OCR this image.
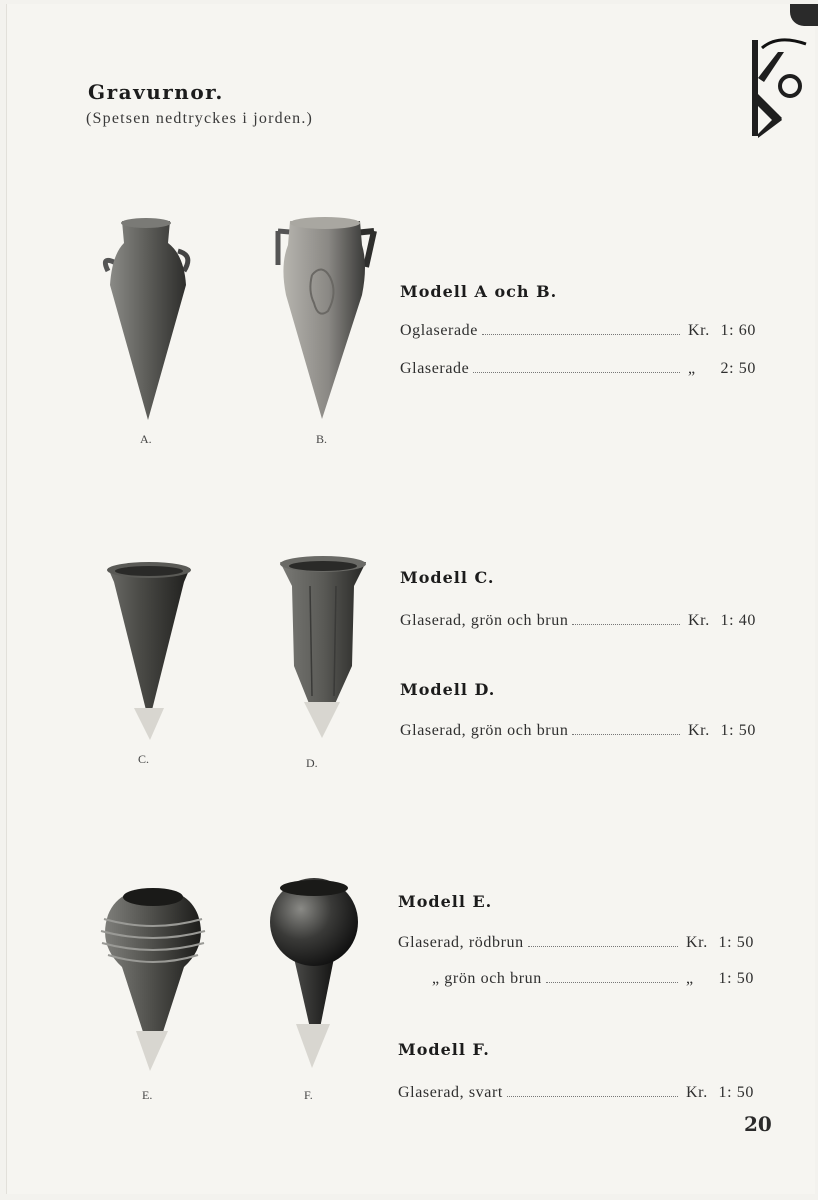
Gravurnor.
(Spetsen nedtryckes i jorden.)
A.	B.
C.	D.
E.	F.
Modell A och B.
Oglaserade	Kr. 1: 60
Glaserade	„	2: 50
Modell C.
Glaserad, grön och brun	Kr. 1: 40
Modell D.
Glaserad, grön och brun	Kr. 1: 50
Modell E.
Glaserad, rödbrun	Kr. 1: 50
„ grön och brun	„	1: 50
Modell F.
Glaserad, svart	Kr. 1: 50
20
